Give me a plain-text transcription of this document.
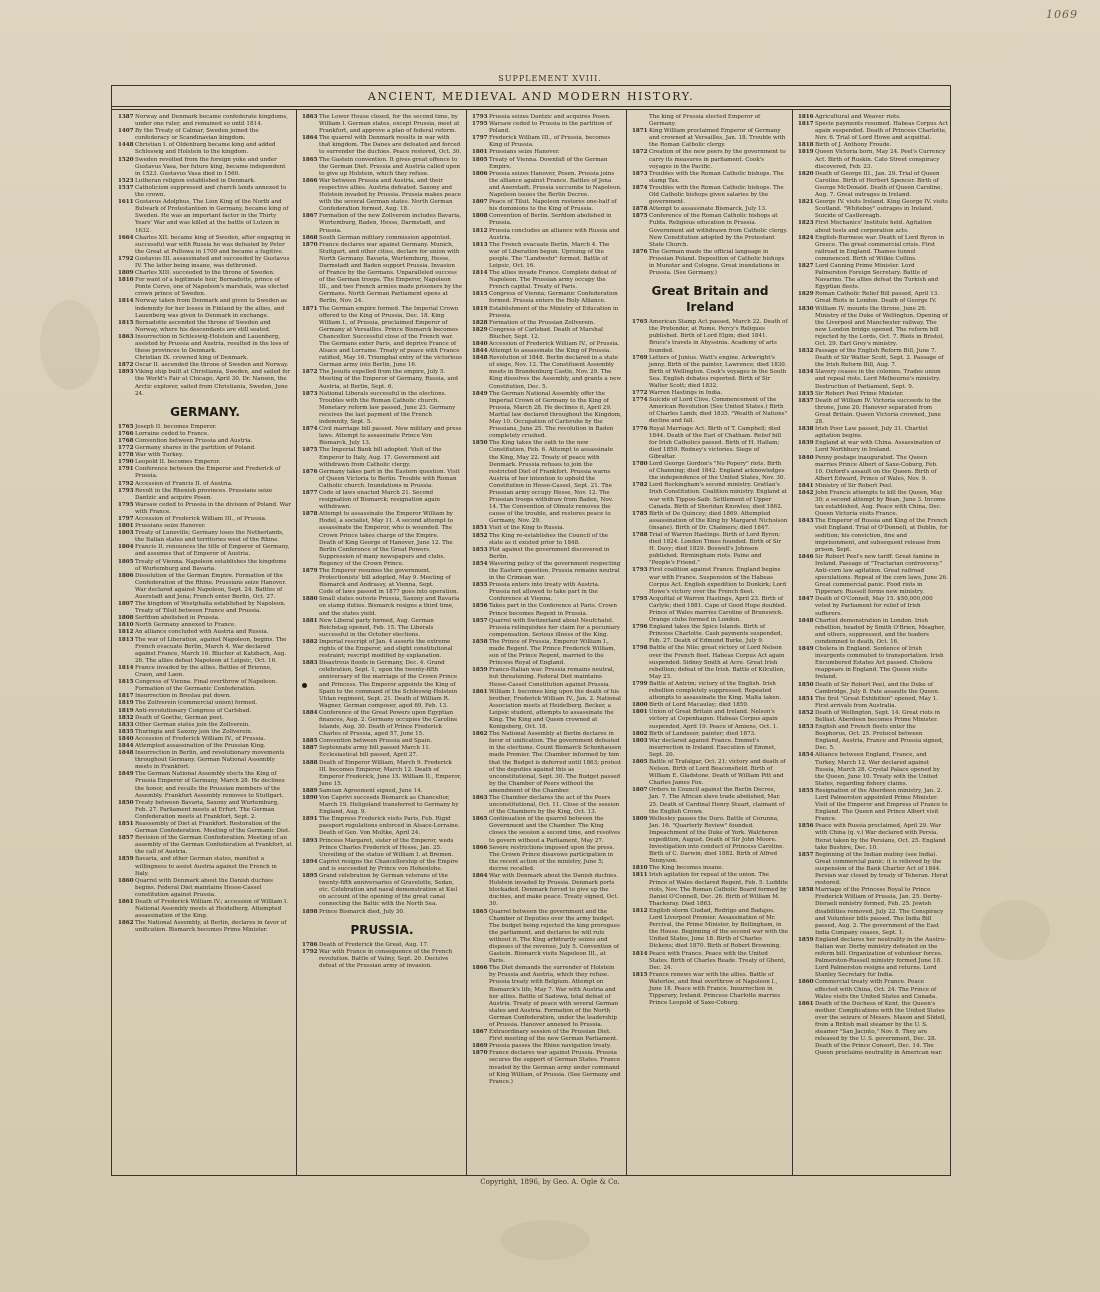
1069
SUPPLEMENT XVIII.
ANCIENT, MEDIEVAL AND MODERN HISTORY.
1387 Norway and Denmark became confederate kingdoms, under one ruler, and remained so until 1814.
1407 By the Treaty of Calmar, Sweden joined the confederacy or Scandinavian kingdom.
1448 Christian I. of Oldenburg became king and added Schleswig and Holstein to the kingdom.
1520 Sweden revolted from the foreign yoke and under Gustavus Vasa, her future king, became independent in 1523. Gustavus Vasa died in 1560.
1523 Lutheran religion established in Denmark.
1537 Catholicism suppressed and church lands annexed to the crown.
1611 Gustavus Adolphus, The Lion King of the North and Bulwark of Protestantism in Germany, became king of Sweden. He was an important factor in the Thirty Years' War and was killed at the battle of Lutzen in 1632.
1664 Charles XII. became king of Sweden, after engaging in successful war with Russia he was defeated by Peter the Great at Pultowa in 1709 and became a fugitive.
1792 Gustavus III. assassinated and succeeded by Gustavus IV. The latter being insane, was dethroned.
1809 Charles XIII. succeeded to the throne of Sweden.
1810 For want of a legitimate heir, Bernadotte, prince of Ponte Corvo, one of Napoleon's marshals, was elected crown prince of Sweden.
1814 Norway taken from Denmark and given to Sweden as indemnity for her losses in Finland by the allies, and Lauenberg was given to Denmark in exchange.
1815 Bernadotte ascended the throne of Sweden and Norway, where his descendants are still seated.
1863 Insurrection in Schleswig-Holstein and Lauenberg, assisted by Prussia and Austria, resulted in the loss of these provinces to Denmark.
Christian IX. crowned king of Denmark.
1872 Oscar II. ascended the throne of Sweden and Norway.
1893 Viking ship built at Christiania, Sweden, and sailed for the World's Fair at Chicago, April 30. Dr. Nansen, the Arctic explorer, sailed from Christiania, Sweden, June 24.
GERMANY.
1765 Joseph II. becomes Emperor.
1766 Lorraine ceded to France.
1768 Convention between Prussia and Austria.
1772 Germany shares in the partition of Poland.
1778 War with Turkey.
1790 Leopold II. becomes Emperor.
1791 Conference between the Emperor and Frederick of Prussia.
1792 Accession of Francis II. of Austria.
1793 Revolt in the Rhenish provinces. Prussians seize Dantzic and acquire Posen.
1795 Warsaw ceded to Prussia in the division of Poland. War with France.
1797 Accession of Frederick William III., of Prussia.
1801 Prussians seize Hanover.
1803 Treaty of Luneville; Germany loses the Netherlands, the Italian states and territories west of the Rhine.
1804 Francis II. renounces the title of Emperor of Germany, and assumes that of Emperor of Austria.
1805 Treaty of Vienna. Napoleon establishes the kingdoms of Wurtemburg and Bavaria.
1806 Dissolution of the German Empire. Formation of the Confederation of the Rhine. Prussians seize Hanover. War declared against Napoleon, Sept. 24. Battles of Auerstadt and Jena; French enter Berlin, Oct. 27.
1807 The kingdom of Westphalia established by Napoleon. Treaty of Tilsit between France and Prussia.
1808 Serfdom abolished in Prussia.
1810 North Germany annexed to France.
1812 An alliance concluded with Austria and Russia.
1813 The war of Liberation, against Napoleon, begins. The French evacuate Berlin, March 4. War declared against France, March 16. Blucher at Katzbach, Aug. 26. The allies defeat Napoleon at Leipsic, Oct. 16.
1814 France invaded by the allies. Battles of Brienne, Craon, and Laon.
1815 Congress of Vienna. Final overthrow of Napoleon. Formation of the Germanic Confederation.
1817 Insurrection in Breslau put down.
1819 The Zollverein (commercial union) formed.
1819 Anti-revolutionary Congress of Carlsbad.
1832 Death of Goethe, German poet.
1833 Other German states join the Zollverein.
1835 Thuringia and Saxony join the Zollverein.
1840 Accession of Frederick William IV., of Prussia.
1844 Attempted assassination of the Prussian King.
1848 Insurrection in Berlin, and revolutionary movements throughout Germany. German National Assembly meets in Frankfort.
1849 The German National Assembly elects the King of Prussia Emperor of Germany, March 28. He declines the honor, and recalls the Prussian members of the Assembly. Frankfort Assembly removes to Stuttgart.
1850 Treaty between Bavaria, Saxony and Wurtemburg, Feb. 27. Parliament meets at Erfurt. The German Confederation meets at Frankfort, Sept. 2.
1851 Reassembly of Diet at Frankfort. Restoration of the German Confederation. Meeting of the Germanic Diet.
1857 Revision of the German Confederation. Meeting of an assembly of the German Confederation at Frankfort, at the call of Austria.
1859 Bavaria, and other German states, manifest a willingness to assist Austria against the French in Italy.
1860 Quarrel with Denmark about the Danish duchies begins. Federal Diet maintains Hesse-Cassel constitution against Prussia.
1861 Death of Frederick William IV.; accession of William I. National Assembly meets at Heidelberg. Attempted assassination of the King.
1862 The National Assembly, at Berlin, declares in favor of unification. Bismarck becomes Prime Minister.
1863 The Lower House closed, for the second time, by William I. German states, except Prussia, meet at Frankfort, and approve a plan of federal reform.
1864 The quarrel with Denmark results in war with that kingdom. The Danes are defeated and forced to surrender the duchies. Peace restored, Oct. 30.
1865 The Gastein convention. It gives great offence to the German Diet. Prussia and Austria called upon to give up Holstein, which they refuse.
1866 War between Prussia and Austria, and their respective allies. Austria defeated. Saxony and Holstein invaded by Prussia. Prussia makes peace with the several German states. North German Confederation formed, Aug. 18.
1867 Formation of the new Zollverein includes Bavaria, Wurtemburg, Baden, Hesse, Darmstadt, and Prussia.
1868 South German military commission appointed.
1870 France declares war against Germany. Munich, Stuttgart, and other cities, declare for union with North Germany. Bavaria, Wurtemburg, Hesse, Darmstadt and Baden support Prussia. Invasion of France by the Germans. Unparalleled success of the German troops. The Emperor, Napoleon III., and two French armies made prisoners by the Germans. North German Parliament opens at Berlin, Nov. 24.
1871 The German empire formed. The Imperial Crown offered to the King of Prussia, Dec. 18. King William I., of Prussia, proclaimed Emperor of Germany at Versailles. Prince Bismarck becomes Chancellor. Successful close of the French war. The Germans enter Paris, and deprive France of Alsace and Lorraine. Treaty of peace with France ratified, May 16. Triumphal entry of the victorious German army into Berlin, June 16.
1872 The Jesuits expelled from the empire, July 5. Meeting of the Emperor of Germany, Russia, and Austria, at Berlin, Sept. 6.
1873 National Liberals successful in the elections. Troubles with the Roman Catholic church. Monetary reform law passed, June 23. Germany receives the last payment of the French indemnity, Sept. 5.
1874 Civil marriage bill passed. New military and press laws. Attempt to assassinate Prince Von Bismarck, July 13.
1875 The Imperial Bank bill adopted. Visit of the Emperor to Italy, Aug. 17. Government aid withdrawn from Catholic clergy.
1876 Germany takes part in the Eastern question. Visit of Queen Victoria to Berlin. Trouble with Roman Catholic church. Inundations in Prussia.
1877 Code of laws enacted March 21. Second resignation of Bismarck; resignation again withdrawn.
1878 Attempt to assassinate the Emperor William by Hodel, a socialist, May 11. A second attempt to assassinate the Emperor, who is wounded. The Crown Prince takes charge of the Empire.
Death of King George of Hanover, June 12. The Berlin Conference of the Great Powers. Suppression of many newspapers and clubs. Regency of the Crown Prince.
1879 The Emperor resumes the government. Protectionists' bill adopted, May 9. Meeting of Bismarck and Andrassy, at Vienna, Sept.
Code of laws passed in 1877 goes into operation.
1880 Small states outvote Prussia, Saxony and Bavaria on stamp duties. Bismarck resigns a third time, and the states yield.
1881 New Liberal party formed, Aug. German Reichstag opened, Feb. 15. The Liberals successful in the October elections.
1882 Imperial rescript of Jan. 4 asserts the extreme rights of the Emperor, and slight constitutional restraint; rescript modified by explanation.
1883 Disastrous floods in Germany, Dec. 4. Grand celebration, Sept. 1, upon the twenty-fifth anniversary of the marriage of the Crown Prince and Princess. The Emperor appoints the King of Spain to the command of the Schleswig-Holstein Uhlan regiment, Sept. 21. Death of William R. Wagner, German composer, aged 69, Feb. 13.
1884 Conference of the Great Powers upon Egyptian finances, Aug. 2. Germany occupies the Caroline Islands, Aug. 30. Death of Prince Frederick Charles of Prussia, aged 57, June 15.
1885 Convention between Prussia and Spain.
1887 Septennate army bill passed March 11. Ecclesiastical bill passed, April 27.
1888 Death of Emperor William, March 9. Frederick III. becomes Emperor, March 12. Death of Emperor Frederick, June 15. William II., Emperor, June 15.
1889 Samoan Agreement signed, June 14.
1890 Von Caprivi succeeds Bismarck as Chancellor, March 19. Heligoland transferred to Germany by England, Aug. 9.
1891 The Empress Frederick visits Paris, Feb. Rigid passport regulations enforced in Alsace-Lorraine. Death of Gen. Von Moltke, April 24.
1893 Princess Margaret, sister of the Emperor, weds Prince Charles Frederick of Hesse, Jan. 25. Unveiling of the statue of William I. at Bremen.
1894 Caprivi resigns the Chancellorship of the Empire and is succeeded by Prince von Hohenlohe.
1895 Grand celebration by German veterans of the twenty-fifth anniversaries of Gravelotte, Sedan, etc. Celebration and naval demonstration at Kiel on account of the opening of the great canal connecting the Baltic with the North Sea.
1898 Prince Bismarck died, July 30.
PRUSSIA.
1786 Death of Frederick the Great, Aug. 17.
1792 War with France in consequence of the French revolution. Battle of Valmy, Sept. 20. Decisive defeat of the Prussian army of invasion.
1793 Prussia seizes Dantzic and acquires Posen.
1795 Warsaw ceded to Prussia in the partition of Poland.
1797 Frederick William III., of Prussia, becomes King of Prussia.
1801 Prussians seize Hanover.
1805 Treaty of Vienna. Downfall of the German Empire.
1806 Prussia seizes Hanover, Posen. Prussia joins the alliance against France. Battles of Jena and Auerstadt. Prussia succumbs to Napoleon. Napoleon issues the Berlin Decree.
1807 Peace of Tilsit. Napoleon restores one-half of his dominions to the King of Prussia.
1808 Convention of Berlin. Serfdom abolished in Prussia.
1812 Prussia concludes an alliance with Russia and Austria.
1813 The French evacuate Berlin, March 4. The war of Liberation begun. Uprising of the people. The "Landwehr" formed. Battle of Leipsic, Oct. 16.
1814 The allies invade France. Complete defeat of Napoleon. The Prussian army occupy the French capital. Treaty of Paris.
1815 Congress of Vienna; Germanic Confederation formed. Prussia enters the Holy Alliance.
1819 Establishment of the Ministry of Education in Prussia.
1828 Formation of the Prussian Zollverein.
1829 Congress of Carlsbad. Death of Marshal Blucher, Sept. 12.
1840 Accession of Frederick William IV., of Prussia.
1844 Attempt to assassinate the King of Prussia.
1848 Revolution of 1848. Berlin declared in a state of siege, Nov. 12. The Constituent Assembly meets in Brandenburg Castle, Nov. 29. The King dissolves the Assembly, and grants a new Constitution, Dec. 5.
1849 The German National Assembly offer the Imperial Crown of Germany to the King of Prussia, March 28. He declines it, April 29. Martial law declared throughout the Kingdom, May 10. Occupation of Carlsruhe by the Prussians, June 25. The revolution in Baden completely crushed.
1850 The King takes the oath to the new Constitution, Feb. 6. Attempt to assassinate the King, May 22. Treaty of peace with Denmark. Prussia refuses to join the restricted Diet of Frankfort. Prussia warns Austria of her intention to uphold the Constitution in Hesse-Cassel, Sept. 21. The Prussian army occupy Hesse, Nov. 12. The Prussian troops withdraw from Baden, Nov. 14. The Convention of Olmutz removes the cause of the trouble, and restores peace to Germany, Nov. 29.
1851 Visit of the King to Russia.
1852 The King re-establishes the Council of the state as it existed prior to 1848.
1853 Plot against the government discovered in Berlin.
1854 Wavering policy of the government respecting the Eastern question. Prussia remains neutral in the Crimean war.
1855 Prussia enters into treaty with Austria. Prussia not allowed to take part in the Conference at Vienna.
1856 Takes part in the Conference at Paris. Crown Prince becomes Regent in Prussia.
1857 Quarrel with Switzerland about Neufchatel. Prussia relinquishes her claim for a pecuniary compensation. Serious illness of the King.
1858 The Prince of Prussia, Emperor William I., made Regent. The Prince Frederick William, son of the Prince Regent, married to the Princess Royal of England.
1859 Franco-Italian war. Prussia remains neutral, but threatening. Federal Diet maintains Hesse-Cassel Constitution against Prussia.
1861 William I. becomes king upon the death of his brother, Frederick William IV., Jan. 2. National Association meets at Heidelberg. Becker, a Leipsic student, attempts to assassinate the King. The King and Queen crowned at Konigsberg, Oct. 18.
1862 The National Assembly at Berlin declares in favor of unification. The government defeated in the elections. Count Bismarck Schonhausen made Premier. The Chamber informed by him that the Budget is deferred until 1863; protest of the deputies against this as unconstitutional, Sept. 30. The Budget passed by the Chamber of Peers without the amendment of the Chamber.
1863 The Chamber declares the act of the Peers unconstitutional, Oct. 11. Close of the session of the Chambers by the King, Oct. 13.
1865 Continuation of the quarrel between the Government and the Chamber. The King closes the session a second time, and resolves to govern without a Parliament, May 27.
1866 Severe restrictions imposed upon the press. The Crown Prince disavows participation in the recent action of the ministry, June 5; decree recalled.
1864 War with Denmark about the Danish duchies. Holstein invaded by Prussia. Denmark ports blockaded. Denmark forced to give up the duchies, and make peace. Treaty signed, Oct. 30.
1865 Quarrel between the government and the Chamber of Deputies over the army budget. The budget being rejected the king prorogues the parliament, and declares he will rule without it. The King arbitrarily seizes and disposes of the revenue, July 5. Convention of Gastein. Bismarck visits Napoleon III., at Paris.
1866 The Diet demands the surrender of Holstein by Prussia and Austria, which they refuse. Prussia treaty with Belgium. Attempt on Bismarck's life, May 7. War with Austria and her allies. Battle of Sadowa, total defeat of Austria. Treaty of peace with several German states and Austria. Formation of the North German Confederation, under the leadership of Prussia. Hanover annexed to Prussia.
1867 Extraordinary session of the Prussian Diet. First meeting of the new German Parliament.
1869 Prussia passes the Rhine navigation treaty.
1870 France declares war against Prussia. Prussia secures the support of German States. France invaded by the German army under command of King William, of Prussia. (See Germany and France.)
The king of Prussia elected Emperor of Germany.
1871 King William proclaimed Emperor of Germany and crowned at Versailles, Jan. 18. Trouble with the Roman Catholic clergy.
1872 Creation of the new peers by the government to carry its measures in parliament. Cook's voyages in the Pacific.
1873 Troubles with the Roman Catholic bishops. The stamp Tax.
1874 Troubles with the Roman Catholic bishops. The Old Catholic bishops given salaries by the government.
1878 Attempt to assassinate Bismarck, July 13.
1875 Conference of the Roman Catholic bishops at Fulda. Religious education in Prussia. Government aid withdrawn from Catholic clergy. New Constitution adopted by the Protestant State Church.
1876 The German made the official language in Prussian Poland. Deposition of Catholic bishops in Munster and Cologne. Great inundations in Prussia. (See Germany.)
Great Britain and Ireland
1765 American Stamp Act passed, March 22. Death of the Pretender, at Rome. Percy's Reliques published. Birth of Lord Elgin; died 1841. Bruce's travels in Abyssinia. Academy of arts founded.
1769 Letters of Junius. Watt's engine. Arkwright's jenny. Birth of the painter, Lawrence; died 1830. Birth of Wellington. Cook's voyages in the South Sea. English debates reported. Birth of Sir Walter Scott; died 1832.
1772 Warren Hastings in India.
1774 Suicide of Lord Clive. Commencement of the American Revolution (See United States.) Birth of Charles Lamb; died 1835. "Wealth of Nations" decline and fall.
1776 Royal Marriage Act. Birth of T. Campbell; died 1844. Death of the Earl of Chatham. Relief bill for Irish Catholics passed. Birth of H. Hallam; died 1859. Rodney's victories. Siege of Gibraltar.
1780 Lord George Gordon's "No Popery" riots. Birth of Channing; died 1842. England acknowledges the independence of the United States, Nov. 30.
1782 Lord Rockingham's second ministry. Grattan's Irish Constitution. Coalition ministry. England at war with Tippoo-Saib. Settlement of Upper Canada. Birth of Sheridan Knowles; died 1862.
1785 Birth of De Quincey; died 1869. Attempted assassination of the King by Margaret Nicholson (insane). Birth of Dr. Chalmers; died 1847.
1788 Trial of Warren Hastings. Birth of Lord Byron; died 1824. London Times founded. Birth of Sir H. Davy; died 1829. Boswell's Johnson published. Birmingham riots. Paine and "People's Friend."
1793 First coalition against France. England begins war with France. Suspension of the Habeas Corpus Act. English expedition to Dunkirk; Lord Howe's victory over the French fleet.
1795 Acquittal of Warren Hastings, April 23. Birth of Carlyle; died 1881. Cape of Good Hope doubled. Prince of Wales marries Caroline of Brunswick. Orange clubs formed in London.
1796 England takes the Spice Islands. Birth of Princess Charlotte. Cash payments suspended, Feb. 27. Death of Edmund Burke, July 9.
1798 Battle of the Nile; great victory of Lord Nelson over the French fleet. Habeas Corpus Act again suspended. Sidney Smith at Acre. Great Irish rebellion; defeat of the Irish. Battle of Kilcullen, May 23.
1799 Battle of Antrim; victory of the English. Irish rebellion completely suppressed. Repeated attempts to assassinate the King. Malta taken.
1800 Birth of Lord Macaulay; died 1859.
1801 Union of Great Britain and Ireland. Nelson's victory at Copenhagen. Habeas Corpus again suspended, April 19. Peace of Amiens, Oct. 1.
1802 Birth of Landseer, painter; died 1873.
1803 War declared against France. Emmet's insurrection in Ireland. Execution of Emmet, Sept. 20.
1805 Battle of Trafalgar, Oct. 21; victory and death of Nelson. Birth of Lord Beaconsfield. Birth of William E. Gladstone. Death of William Pitt and Charles James Fox.
1807 Orders in Council against the Berlin Decree, Jan. 7. The African slave trade abolished, Mar. 25. Death of Cardinal Henry Stuart, claimant of the English Crown.
1809 Wellesley passes the Duro. Battle of Corunna, Jan. 16. "Quarterly Review" founded. Impeachment of the Duke of York. Walcheren expedition, August. Death of Sir John Moore. Investigation into conduct of Princess Caroline. Birth of C. Darwin; died 1882. Birth of Alfred Tennyson.
1810 The King becomes insane.
1811 Irish agitation for repeal of the union. The Prince of Wales declared Regent, Feb. 5. Luddite riots, Nov. The Roman Catholic Board formed by Daniel O'Connell, Dec. 26. Birth of William M. Thackeray. Died 1863.
1812 English storm Ciudad, Rodrigo and Badajos. Lord Liverpool Premier. Assassination of Mr. Percival, the Prime Minister, by Bellingham, in the House. Beginning of the second war with the United States, June 18. Birth of Charles Dickens; died 1870. Birth of Robert Browning.
1814 Peace with France. Peace with the United States. Birth of Charles Reade. Treaty of Ghent, Dec. 24.
1815 France renews war with the allies. Battle of Waterloo, and final overthrow of Napoleon I., June 18. Peace with France. Insurrection in Tipperary, Ireland. Princess Charlotte marries Prince Leopold of Saxe-Coburg.
1816 Agricultural and Weaver riots.
1817 Specie payments resumed. Habeas Corpus Act again suspended. Death of Princess Charlotte, Nov. 6. Trial of Lord Howe and acquittal.
1818 Birth of J. Anthony Froude.
1819 Queen Victoria born, May 24. Peel's Currency Act. Birth of Ruskin. Cato Street conspiracy discovered, Feb. 23.
1820 Death of George III., Jan. 29. Trial of Queen Caroline. Birth of Herbert Spencer. Birth of George McDonald. Death of Queen Caroline, Aug. 7. Great outrages in Ireland.
1821 George IV. visits Ireland. King George IV. visits Scotland. "Whiteboy" outrages in Ireland. Suicide of Castlereagh.
1823 First Mechanics' Institute held. Agitation about tests and corporation acts.
1824 English-Burmese war. Death of Lord Byron in Greece. The great commercial crisis. First railroad in England. Thames tunnel commenced. Birth of Wilkie Collins.
1827 Lord Canning Prime Minister. Lord Palmerston Foreign Secretary. Battle of Navarino. The allies defeat the Turkish and Egyptian fleets.
1829 Roman Catholic Relief Bill passed, April 13. Great Riots in London. Death of George IV.
1830 William IV. mounts the throne, June 26. Ministry of the Duke of Wellington. Opening of the Liverpool and Manchester railway. The new London bridge opened. The reform bill rejected by the Lords, Oct. 7. Riots in Bristol, Oct. 29. Earl Grey's ministry.
1832 Passage of the English Reform Bill, June 7. Death of Sir Walter Scott, Sept. 2. Passage of the Irish Reform Bill, Aug. 7.
1834 Slavery ceases in the colonies. Trades union and repeal riots. Lord Melbourne's ministry. Destruction of Parliament, Sept. 9.
1835 Sir Robert Peel Prime Minister.
1837 Death of William IV. Victoria succeeds to the throne, June 20. Hanover separated from Great Britain. Queen Victoria crowned, June 28.
1838 Irish Poor Law passed, July 31. Chartist agitation begins.
1839 England at war with China. Assassination of Lord Northbury in Ireland.
1840 Penny postage inaugurated. The Queen marries Prince Albert of Saxe-Coburg, Feb. 10. Oxford's assault on the Queen. Birth of Albert Edward, Prince of Wales, Nov. 9.
1841 Ministry of Sir Robert Peel.
1842 John Francis attempts to kill the Queen, May 30; a second attempt by Bean, June 3. Income tax established, Aug. Peace with China, Dec. Queen Victoria visits France.
1843 The Emperor of Russia and King of the French visit England. Trial of O'Donnell, at Dublin, for sedition; his conviction, fine and imprisonment, and subsequent release from prison, Sept.
1846 Sir Robert Peel's new tariff. Great famine in Ireland. Passage of "Tractarian controversy." Anti-corn law agitation. Great railroad speculations. Repeal of the corn laws, June 26. Great commercial panic. Food riots in Tipperary. Russell forms new ministry.
1847 Death of O'Connell, May 15. $50,000,000 voted by Parliament for relief of Irish sufferers.
1848 Chartist demonstration in London. Irish rebellion, headed by Smith O'Brien, Meagher, and others, suppressed, and the leaders condemned to death, Oct. 16.
1849 Cholera in England. Sentence of Irish insurgents commuted to transportation. Irish Encumbered Estates Act passed. Cholera reappears in England. The Queen visits Ireland.
1850 Death of Sir Robert Peel, and the Duke of Cambridge, July 8. Pate assaults the Queen.
1851 The first "Great Exhibition" opened, May 1. First arrivals from Australia.
1852 Death of Wellington, Sept. 14. Great riots in Belfast. Aberdeen becomes Prime Minister.
1853 English and French fleets enter the Bosphorus, Oct. 25. Protocol between England, Austria, France and Prussia signed, Dec. 5.
1854 Alliance between England, France, and Turkey, March 12. War declared against Russia, March 28. Crystal Palace opened by the Queen, June 10. Treaty with the United States, regarding fishery claims.
1855 Resignation of the Aberdeen ministry, Jan. 2. Lord Palmerston appointed Prime Minister. Visit of the Emperor and Empress of France to England. The Queen and Prince Albert visit France.
1856 Peace with Russia proclaimed, April 29. War with China (q. v.) War declared with Persia. Herat taken by the Persians, Oct. 25. England take Bushire, Dec. 10.
1857 Beginning of the Indian mutiny (see India). Great commercial panic; it is relieved by the suspension of the Bank Charter Act of 1844. Persian war closed by treaty of Teheran. Herat restored.
1858 Marriage of the Princess Royal to Prince Frederick William of Prussia, Jan. 25. Derby-Disraeli ministry formed, Feb. 25. Jewish disabilities removed, July 22. The Conspiracy and Volunteer bills passed. The India Bill passed, Aug. 2. The government of the East India Company ceases, Sept. 1.
1859 England declares her neutrality in the Austro-Italian war. Derby ministry defeated on the reform bill. Organization of volunteer forces. Palmerston-Russell ministry formed June 18. Lord Palmerston resigns and returns. Lord Stanley Secretary for India.
1860 Commercial treaty with France. Peace effected with China, Oct. 24. The Prince of Wales visits the United States and Canada.
1861 Death of the Duchess of Kent, the Queen's mother. Complications with the United States over the seizure of Messrs. Mason and Slidell, from a British mail steamer by the U. S. steamer "San Jacinto," Nov. 8. They are released by the U. S. government, Dec. 28. Death of the Prince Consort, Dec. 14. The Queen proclaims neutrality in American war.
Copyright, 1896, by Geo. A. Ogle & Co.
